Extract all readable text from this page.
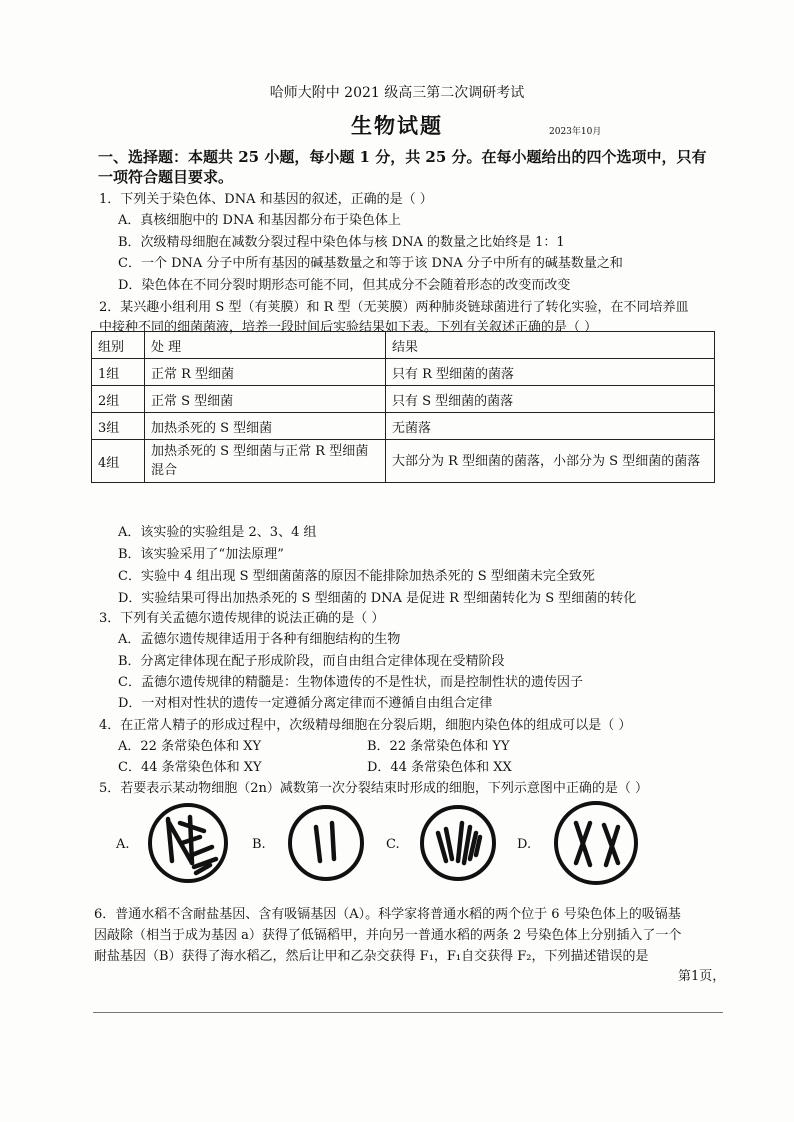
哈师大附中 2021 级高三第二次调研考试
生物试题	2023年10月
一、选择题：本题共 25 小题，每小题 1 分，共 25 分。在每小题给出的四个选项中，只有
一项符合题目要求。
1．下列关于染色体、DNA 和基因的叙述，正确的是（ ）
A．真核细胞中的 DNA 和基因都分布于染色体上
B．次级精母细胞在减数分裂过程中染色体与核 DNA 的数量之比始终是 1：1
C．一个 DNA 分子中所有基因的碱基数量之和等于该 DNA 分子中所有的碱基数量之和
D．染色体在不同分裂时期形态可能不同，但其成分不会随着形态的改变而改变
2．某兴趣小组利用 S 型（有荚膜）和 R 型（无荚膜）两种肺炎链球菌进行了转化实验，在不同培养皿
中接种不同的细菌菌液，培养一段时间后实验结果如下表。下列有关叙述正确的是（ ）
组别	处 理	结果
1组	正常 R 型细菌	只有 R 型细菌的菌落
2组	正常 S 型细菌	只有 S 型细菌的菌落
3组	加热杀死的 S 型细菌	无菌落
4组	加热杀死的 S 型细菌与正常 R 型细菌混合	大部分为 R 型细菌的菌落，小部分为 S 型细菌的菌落
A．该实验的实验组是 2、3、4 组
B．该实验采用了“加法原理”
C．实验中 4 组出现 S 型细菌菌落的原因不能排除加热杀死的 S 型细菌未完全致死
D．实验结果可得出加热杀死的 S 型细菌的 DNA 是促进 R 型细菌转化为 S 型细菌的转化
3．下列有关孟德尔遗传规律的说法正确的是（ ）
A．孟德尔遗传规律适用于各种有细胞结构的生物
B．分离定律体现在配子形成阶段，而自由组合定律体现在受精阶段
C．孟德尔遗传规律的精髓是：生物体遗传的不是性状，而是控制性状的遗传因子
D．一对相对性状的遗传一定遵循分离定律而不遵循自由组合定律
4．在正常人精子的形成过程中，次级精母细胞在分裂后期，细胞内染色体的组成可以是（ ）
A．22 条常染色体和 XY	B．22 条常染色体和 YY
C．44 条常染色体和 XY	D．44 条常染色体和 XX
5．若要表示某动物细胞（2n）减数第一次分裂结束时形成的细胞，下列示意图中正确的是（ ）
A.	B.	C.	D.
6．普通水稻不含耐盐基因、含有吸镉基因（A）。科学家将普通水稻的两个位于 6 号染色体上的吸镉基
因敲除（相当于成为基因 a）获得了低镉稻甲，并向另一普通水稻的两条 2 号染色体上分别插入了一个
耐盐基因（B）获得了海水稻乙，然后让甲和乙杂交获得 F₁，F₁自交获得 F₂，下列描述错误的是
第1页，
